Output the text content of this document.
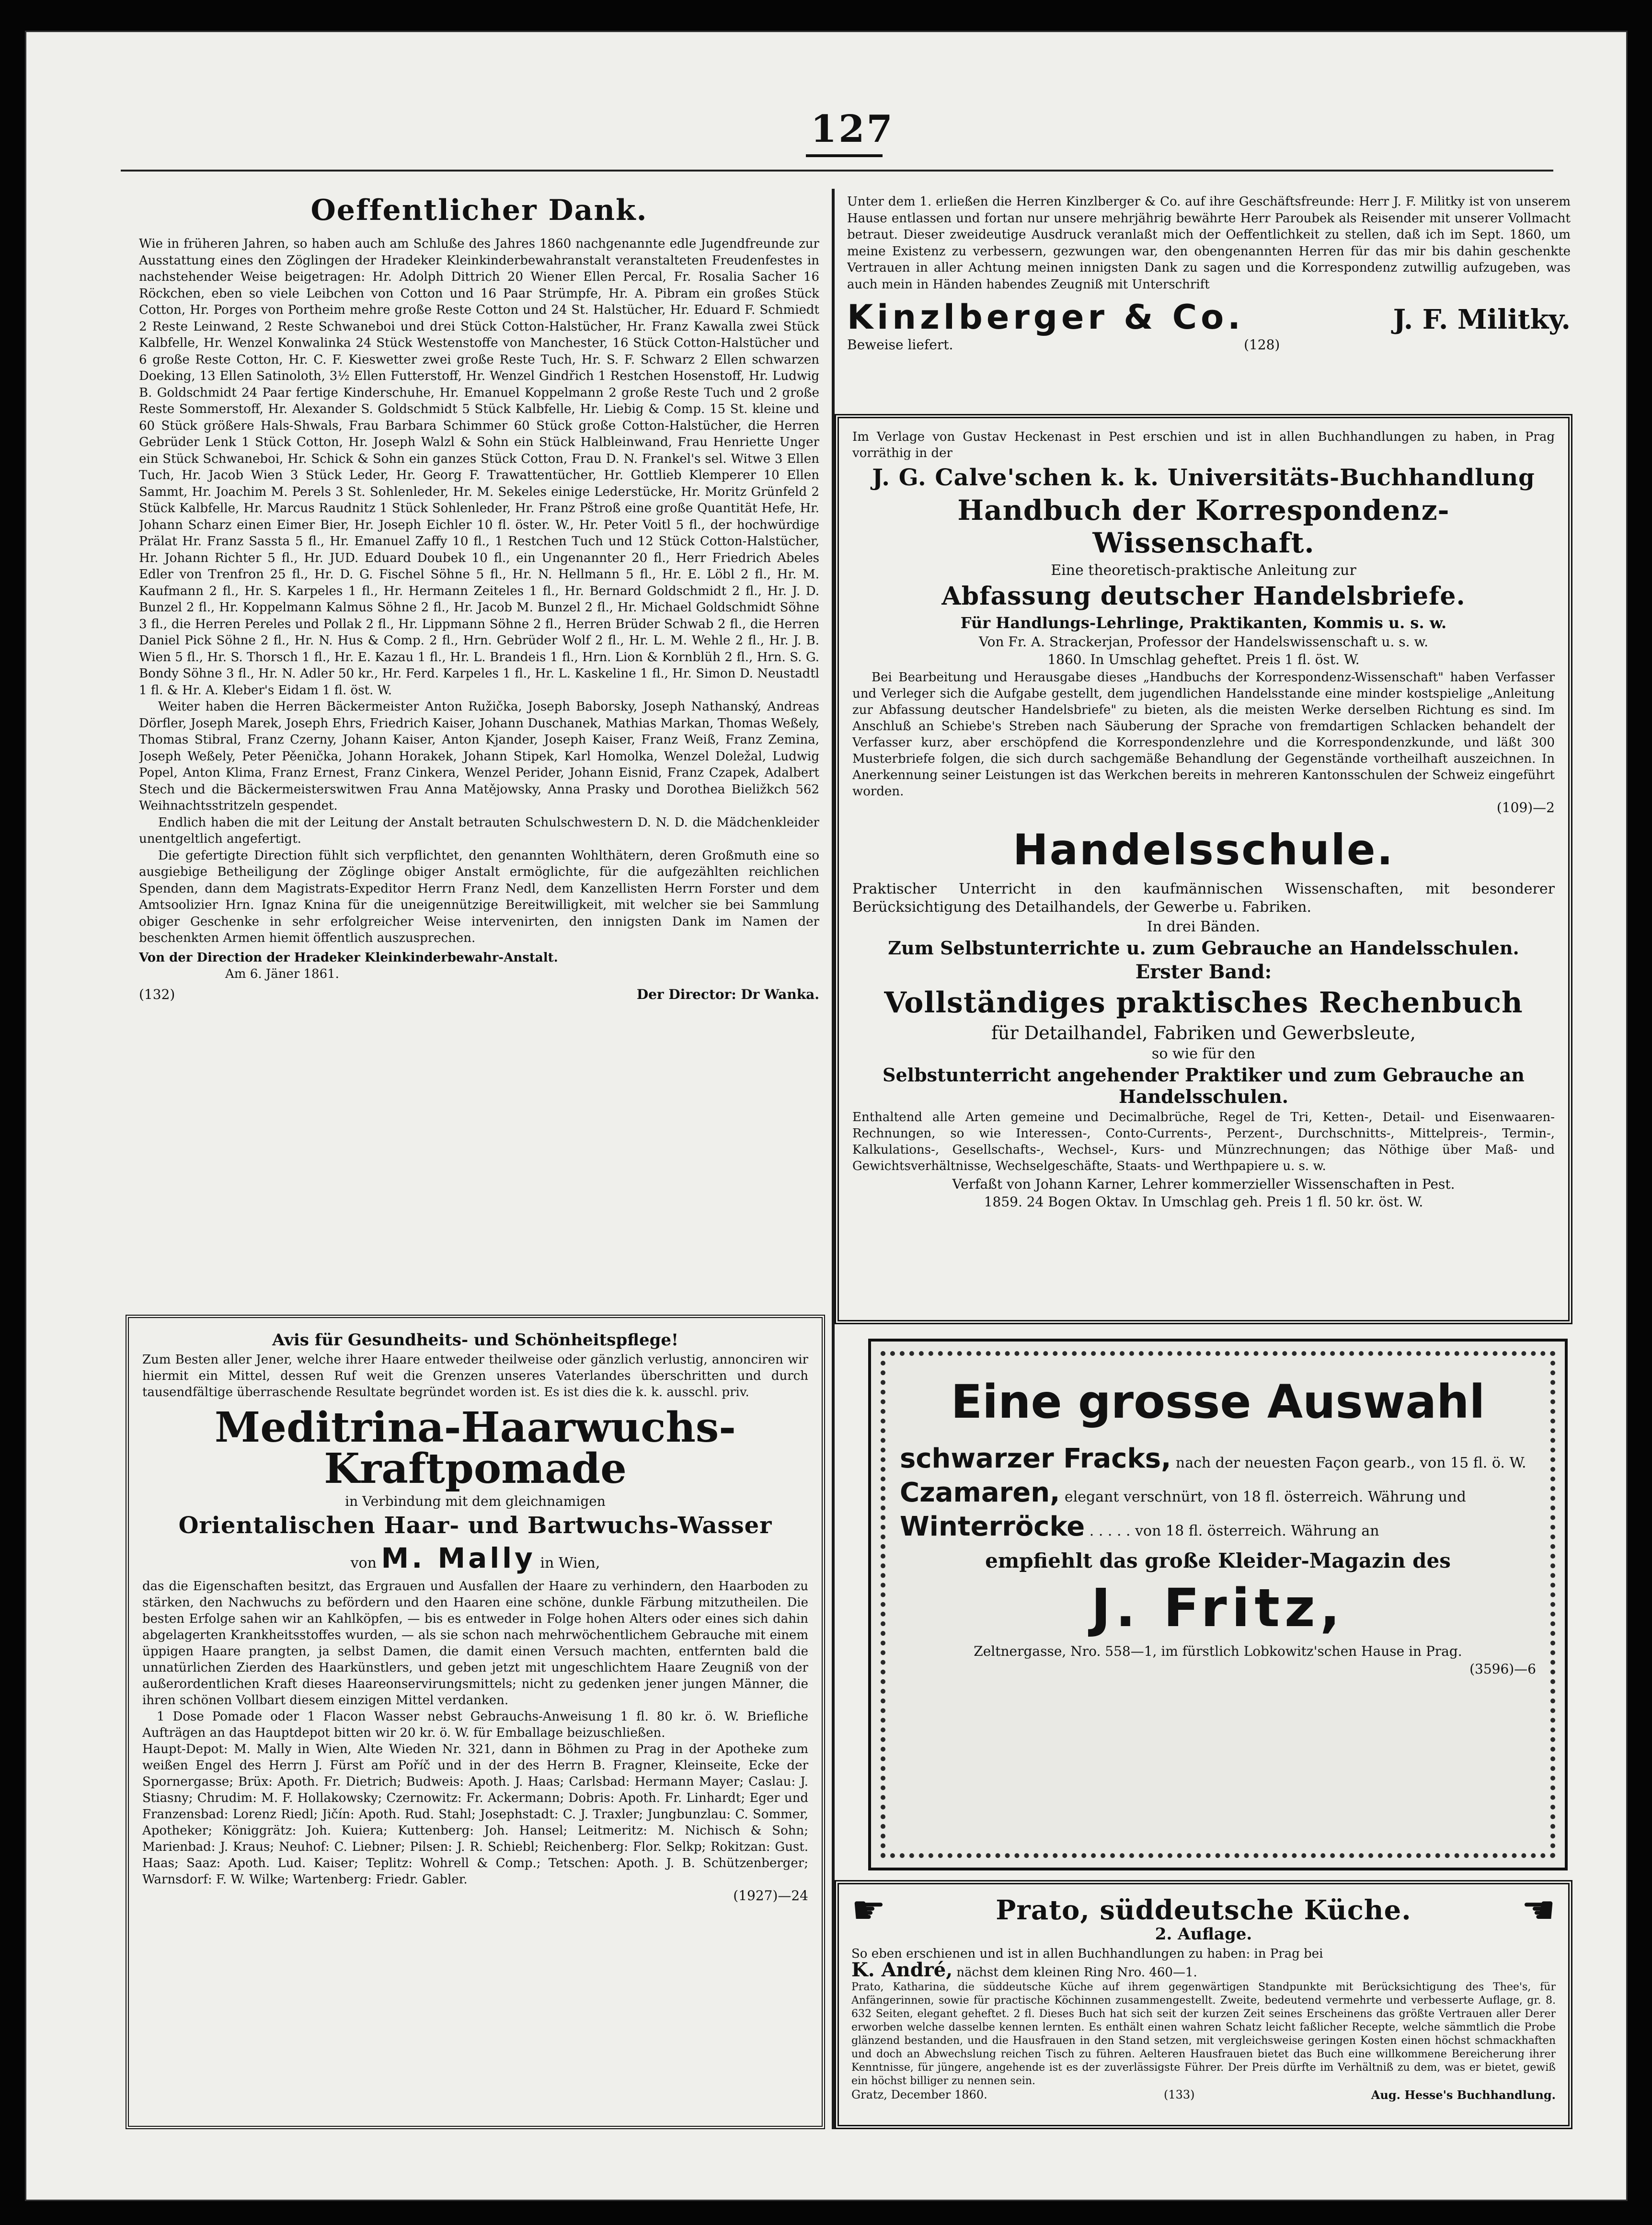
127
Oeffentlicher Dank.

Wie in früheren Jahren, so haben auch am Schluße des Jahres 1860 nachgenannte edle Jugendfreunde zur Ausstattung eines den Zöglingen der Hradeker Kleinkinderbewahranstalt veranstalteten Freudenfestes in nachstehender Weise beigetragen: Hr. Adolph Dittrich 20 Wiener Ellen Percal, Fr. Rosalia Sacher 16 Röckchen, eben so viele Leibchen von Cotton und 16 Paar Strümpfe, Hr. A. Pibram ein großes Stück Cotton, Hr. Porges von Portheim mehre große Reste Cotton und 24 St. Halstücher, Hr. Eduard F. Schmiedt 2 Reste Leinwand, 2 Reste Schwaneboi und drei Stück Cotton-Halstücher, Hr. Franz Kawalla zwei Stück Kalbfelle, Hr. Wenzel Konwalinka 24 Stück Westenstoffe von Manchester, 16 Stück Cotton-Halstücher und 6 große Reste Cotton, Hr. C. F. Kieswetter zwei große Reste Tuch, Hr. S. F. Schwarz 2 Ellen schwarzen Doeking, 13 Ellen Satinoloth, 3½ Ellen Futterstoff, Hr. Wenzel Gindřich 1 Restchen Hosenstoff, Hr. Ludwig B. Goldschmidt 24 Paar fertige Kinderschuhe, Hr. Emanuel Koppelmann 2 große Reste Tuch und 2 große Reste Sommerstoff, Hr. Alexander S. Goldschmidt 5 Stück Kalbfelle, Hr. Liebig & Comp. 15 St. kleine und 60 Stück größere Hals-Shwals, Frau Barbara Schimmer 60 Stück große Cotton-Halstücher, die Herren Gebrüder Lenk 1 Stück Cotton, Hr. Joseph Walzl & Sohn ein Stück Halbleinwand, Frau Henriette Unger ein Stück Schwaneboi, Hr. Schick & Sohn ein ganzes Stück Cotton, Frau D. N. Frankel's sel. Witwe 3 Ellen Tuch, Hr. Jacob Wien 3 Stück Leder, Hr. Georg F. Trawattentücher, Hr. Gottlieb Klemperer 10 Ellen Sammt, Hr. Joachim M. Perels 3 St. Sohlenleder, Hr. M. Sekeles einige Lederstücke, Hr. Moritz Grünfeld 2 Stück Kalbfelle, Hr. Marcus Raudnitz 1 Stück Sohlenleder, Hr. Franz Pštroß eine große Quantität Hefe, Hr. Johann Scharz einen Eimer Bier, Hr. Joseph Eichler 10 fl. öster. W., Hr. Peter Voitl 5 fl., der hochwürdige Prälat Hr. Franz Sassta 5 fl., Hr. Emanuel Zaffy 10 fl., 1 Restchen Tuch und 12 Stück Cotton-Halstücher, Hr. Johann Richter 5 fl., Hr. JUD. Eduard Doubek 10 fl., ein Ungenannter 20 fl., Herr Friedrich Abeles Edler von Trenfron 25 fl., Hr. D. G. Fischel Söhne 5 fl., Hr. N. Hellmann 5 fl., Hr. E. Löbl 2 fl., Hr. M. Kaufmann 2 fl., Hr. S. Karpeles 1 fl., Hr. Hermann Zeiteles 1 fl., Hr. Bernard Goldschmidt 2 fl., Hr. J. D. Bunzel 2 fl., Hr. Koppelmann Kalmus Söhne 2 fl., Hr. Jacob M. Bunzel 2 fl., Hr. Michael Goldschmidt Söhne 3 fl., die Herren Pereles und Pollak 2 fl., Hr. Lippmann Söhne 2 fl., Herren Brüder Schwab 2 fl., die Herren Daniel Pick Söhne 2 fl., Hr. N. Hus & Comp. 2 fl., Hrn. Gebrüder Wolf 2 fl., Hr. L. M. Wehle 2 fl., Hr. J. B. Wien 5 fl., Hr. S. Thorsch 1 fl., Hr. E. Kazau 1 fl., Hr. L. Brandeis 1 fl., Hrn. Lion & Kornblüh 2 fl., Hrn. S. G. Bondy Söhne 3 fl., Hr. N. Adler 50 kr., Hr. Ferd. Karpeles 1 fl., Hr. L. Kaskeline 1 fl., Hr. Simon D. Neustadtl 1 fl. & Hr. A. Kleber's Eidam 1 fl. öst. W.

Weiter haben die Herren Bäckermeister Anton Ružička, Joseph Baborsky, Joseph Nathanský, Andreas Dörfler, Joseph Marek, Joseph Ehrs, Friedrich Kaiser, Johann Duschanek, Mathias Markan, Thomas Weßely, Thomas Stibral, Franz Czerny, Johann Kaiser, Anton Kjander, Joseph Kaiser, Franz Weiß, Franz Zemina, Joseph Weßely, Peter Pěenička, Johann Horakek, Johann Stipek, Karl Homolka, Wenzel Doležal, Ludwig Popel, Anton Klima, Franz Ernest, Franz Cinkera, Wenzel Perider, Johann Eisnid, Franz Czapek, Adalbert Stech und die Bäckermeisterswitwen Frau Anna Matějowsky, Anna Prasky und Dorothea Bieližkch 562 Weihnachtsstritzeln gespendet.

Endlich haben die mit der Leitung der Anstalt betrauten Schulschwestern D. N. D. die Mädchenkleider unentgeltlich angefertigt.

Die gefertigte Direction fühlt sich verpflichtet, den genannten Wohlthätern, deren Großmuth eine so ausgiebige Betheiligung der Zöglinge obiger Anstalt ermöglichte, für die aufgezählten reichlichen Spenden, dann dem Magistrats-Expeditor Herrn Franz Nedl, dem Kanzellisten Herrn Forster und dem Amtsoolizier Hrn. Ignaz Knina für die uneigennützige Bereitwilligkeit, mit welcher sie bei Sammlung obiger Geschenke in sehr erfolgreicher Weise intervenirten, den innigsten Dank im Namen der beschenkten Armen hiemit öffentlich auszusprechen.

Von der Direction der Hradeker Kleinkinderbewahr-Anstalt.

Am 6. Jäner 1861.

(132)	Der Director: Dr Wanka.
Avis für Gesundheits- und Schönheitspflege!

Zum Besten aller Jener, welche ihrer Haare entweder theilweise oder gänzlich verlustig, annonciren wir hiermit ein Mittel, dessen Ruf weit die Grenzen unseres Vaterlandes überschritten und durch tausendfältige überraschende Resultate begründet worden ist. Es ist dies die k. k. ausschl. priv.

Meditrina-Haarwuchs-Kraftpomade
in Verbindung mit dem gleichnamigen
Orientalischen Haar- und Bartwuchs-Wasser
von M. Mally in Wien,

das die Eigenschaften besitzt, das Ergrauen und Ausfallen der Haare zu verhindern, den Haarboden zu stärken, den Nachwuchs zu befördern und den Haaren eine schöne, dunkle Färbung mitzutheilen. Die besten Erfolge sahen wir an Kahlköpfen, — bis es entweder in Folge hohen Alters oder eines sich dahin abgelagerten Krankheitsstoffes wurden, — als sie schon nach mehrwöchentlichem Gebrauche mit einem üppigen Haare prangten, ja selbst Damen, die damit einen Versuch machten, entfernten bald die unnatürlichen Zierden des Haarkünstlers, und geben jetzt mit ungeschlichtem Haare Zeugniß von der außerordentlichen Kraft dieses Haareonservirungsmittels; nicht zu gedenken jener jungen Männer, die ihren schönen Vollbart diesem einzigen Mittel verdanken.

1 Dose Pomade oder 1 Flacon Wasser nebst Gebrauchs-Anweisung 1 fl. 80 kr. ö. W. Briefliche Aufträgen an das Hauptdepot bitten wir 20 kr. ö. W. für Emballage beizuschließen.

Haupt-Depot: M. Mally in Wien, Alte Wieden Nr. 321, dann in Böhmen zu Prag in der Apotheke zum weißen Engel des Herrn J. Fürst am Poříč und in der des Herrn B. Fragner, Kleinseite, Ecke der Spornergasse; Brüx: Apoth. Fr. Dietrich; Budweis: Apoth. J. Haas; Carlsbad: Hermann Mayer; Caslau: J. Stiasny; Chrudim: M. F. Hollakowsky; Czernowitz: Fr. Ackermann; Dobris: Apoth. Fr. Linhardt; Eger und Franzensbad: Lorenz Riedl; Jičín: Apoth. Rud. Stahl; Josephstadt: C. J. Traxler; Jungbunzlau: C. Sommer, Apotheker; Königgrätz: Joh. Kuiera; Kuttenberg: Joh. Hansel; Leitmeritz: M. Nichisch & Sohn; Marienbad: J. Kraus; Neuhof: C. Liebner; Pilsen: J. R. Schiebl; Reichenberg: Flor. Selkp; Rokitzan: Gust. Haas; Saaz: Apoth. Lud. Kaiser; Teplitz: Wohrell & Comp.; Tetschen: Apoth. J. B. Schützenberger; Warnsdorf: F. W. Wilke; Wartenberg: Friedr. Gabler.

(1927)—24

Unter dem 1. erließen die Herren Kinzlberger & Co. auf ihre Geschäftsfreunde: Herr J. F. Militky ist von unserem Hause entlassen und fortan nur unsere mehrjährig bewährte Herr Paroubek als Reisender mit unserer Vollmacht betraut. Dieser zweideutige Ausdruck veranlaßt mich der Oeffentlichkeit zu stellen, daß ich im Sept. 1860, um meine Existenz zu verbessern, gezwungen war, den obengenannten Herren für das mir bis dahin geschenkte Vertrauen in aller Achtung meinen innigsten Dank zu sagen und die Korrespondenz zutwillig aufzugeben, was auch mein in Händen habendes Zeugniß mit Unterschrift

Kinzlberger & Co.	J. F. Militky.
Beweise liefert.	(128)

Im Verlage von Gustav Heckenast in Pest erschien und ist in allen Buchhandlungen zu haben, in Prag vorräthig in der

J. G. Calve'schen k. k. Universitäts-Buchhandlung
Handbuch der Korrespondenz-Wissenschaft.
Eine theoretisch-praktische Anleitung zur
Abfassung deutscher Handelsbriefe.
Für Handlungs-Lehrlinge, Praktikanten, Kommis u. s. w.
Von Fr. A. Strackerjan, Professor der Handelswissenschaft u. s. w.
1860. In Umschlag geheftet. Preis 1 fl. öst. W.

Bei Bearbeitung und Herausgabe dieses „Handbuchs der Korrespondenz-Wissenschaft" haben Verfasser und Verleger sich die Aufgabe gestellt, dem jugendlichen Handelsstande eine minder kostspielige „Anleitung zur Abfassung deutscher Handelsbriefe" zu bieten, als die meisten Werke derselben Richtung es sind. Im Anschluß an Schiebe's Streben nach Säuberung der Sprache von fremdartigen Schlacken behandelt der Verfasser kurz, aber erschöpfend die Korrespondenzlehre und die Korrespondenzkunde, und läßt 300 Musterbriefe folgen, die sich durch sachgemäße Behandlung der Gegenstände vortheilhaft auszeichnen. In Anerkennung seiner Leistungen ist das Werkchen bereits in mehreren Kantonsschulen der Schweiz eingeführt worden.

(109)—2
Handelsschule.

Praktischer Unterricht in den kaufmännischen Wissenschaften, mit besonderer Berücksichtigung des Detailhandels, der Gewerbe u. Fabriken.

In drei Bänden.
Zum Selbstunterrichte u. zum Gebrauche an Handelsschulen.
Erster Band:
Vollständiges praktisches Rechenbuch
für Detailhandel, Fabriken und Gewerbsleute,
so wie für den
Selbstunterricht angehender Praktiker und zum Gebrauche an Handelsschulen.

Enthaltend alle Arten gemeine und Decimalbrüche, Regel de Tri, Ketten-, Detail- und Eisenwaaren-Rechnungen, so wie Interessen-, Conto-Currents-, Perzent-, Durchschnitts-, Mittelpreis-, Termin-, Kalkulations-, Gesellschafts-, Wechsel-, Kurs- und Münzrechnungen; das Nöthige über Maß- und Gewichtsverhältnisse, Wechselgeschäfte, Staats- und Werthpapiere u. s. w.

Verfaßt von Johann Karner, Lehrer kommerzieller Wissenschaften in Pest.
1859. 24 Bogen Oktav. In Umschlag geh. Preis 1 fl. 50 kr. öst. W.
Eine grosse Auswahl
schwarzer Fracks, nach der neuesten Façon gearb., von 15 fl. ö. W.
Czamaren, elegant verschnürt, von 18 fl. österreich. Währung und
Winterröcke . . . . . von 18 fl. österreich. Währung an
empfiehlt das große Kleider-Magazin des
J. Fritz,
Zeltnergasse, Nro. 558—1, im fürstlich Lobkowitz'schen Hause in Prag.
(3596)—6
☛	Prato, süddeutsche Küche.	☚
2. Auflage.

So eben erschienen und ist in allen Buchhandlungen zu haben: in Prag bei

K. André, nächst dem kleinen Ring Nro. 460—1.

Prato, Katharina, die süddeutsche Küche auf ihrem gegenwärtigen Standpunkte mit Berücksichtigung des Thee's, für Anfängerinnen, sowie für practische Köchinnen zusammengestellt. Zweite, bedeutend vermehrte und verbesserte Auflage, gr. 8. 632 Seiten, elegant geheftet. 2 fl. Dieses Buch hat sich seit der kurzen Zeit seines Erscheinens das größte Vertrauen aller Derer erworben welche dasselbe kennen lernten. Es enthält einen wahren Schatz leicht faßlicher Recepte, welche sämmtlich die Probe glänzend bestanden, und die Hausfrauen in den Stand setzen, mit vergleichsweise geringen Kosten einen höchst schmackhaften und doch an Abwechslung reichen Tisch zu führen. Aelteren Hausfrauen bietet das Buch eine willkommene Bereicherung ihrer Kenntnisse, für jüngere, angehende ist es der zuverlässigste Führer. Der Preis dürfte im Verhältniß zu dem, was er bietet, gewiß ein höchst billiger zu nennen sein.

Gratz, December 1860.	(133)	Aug. Hesse's Buchhandlung.
